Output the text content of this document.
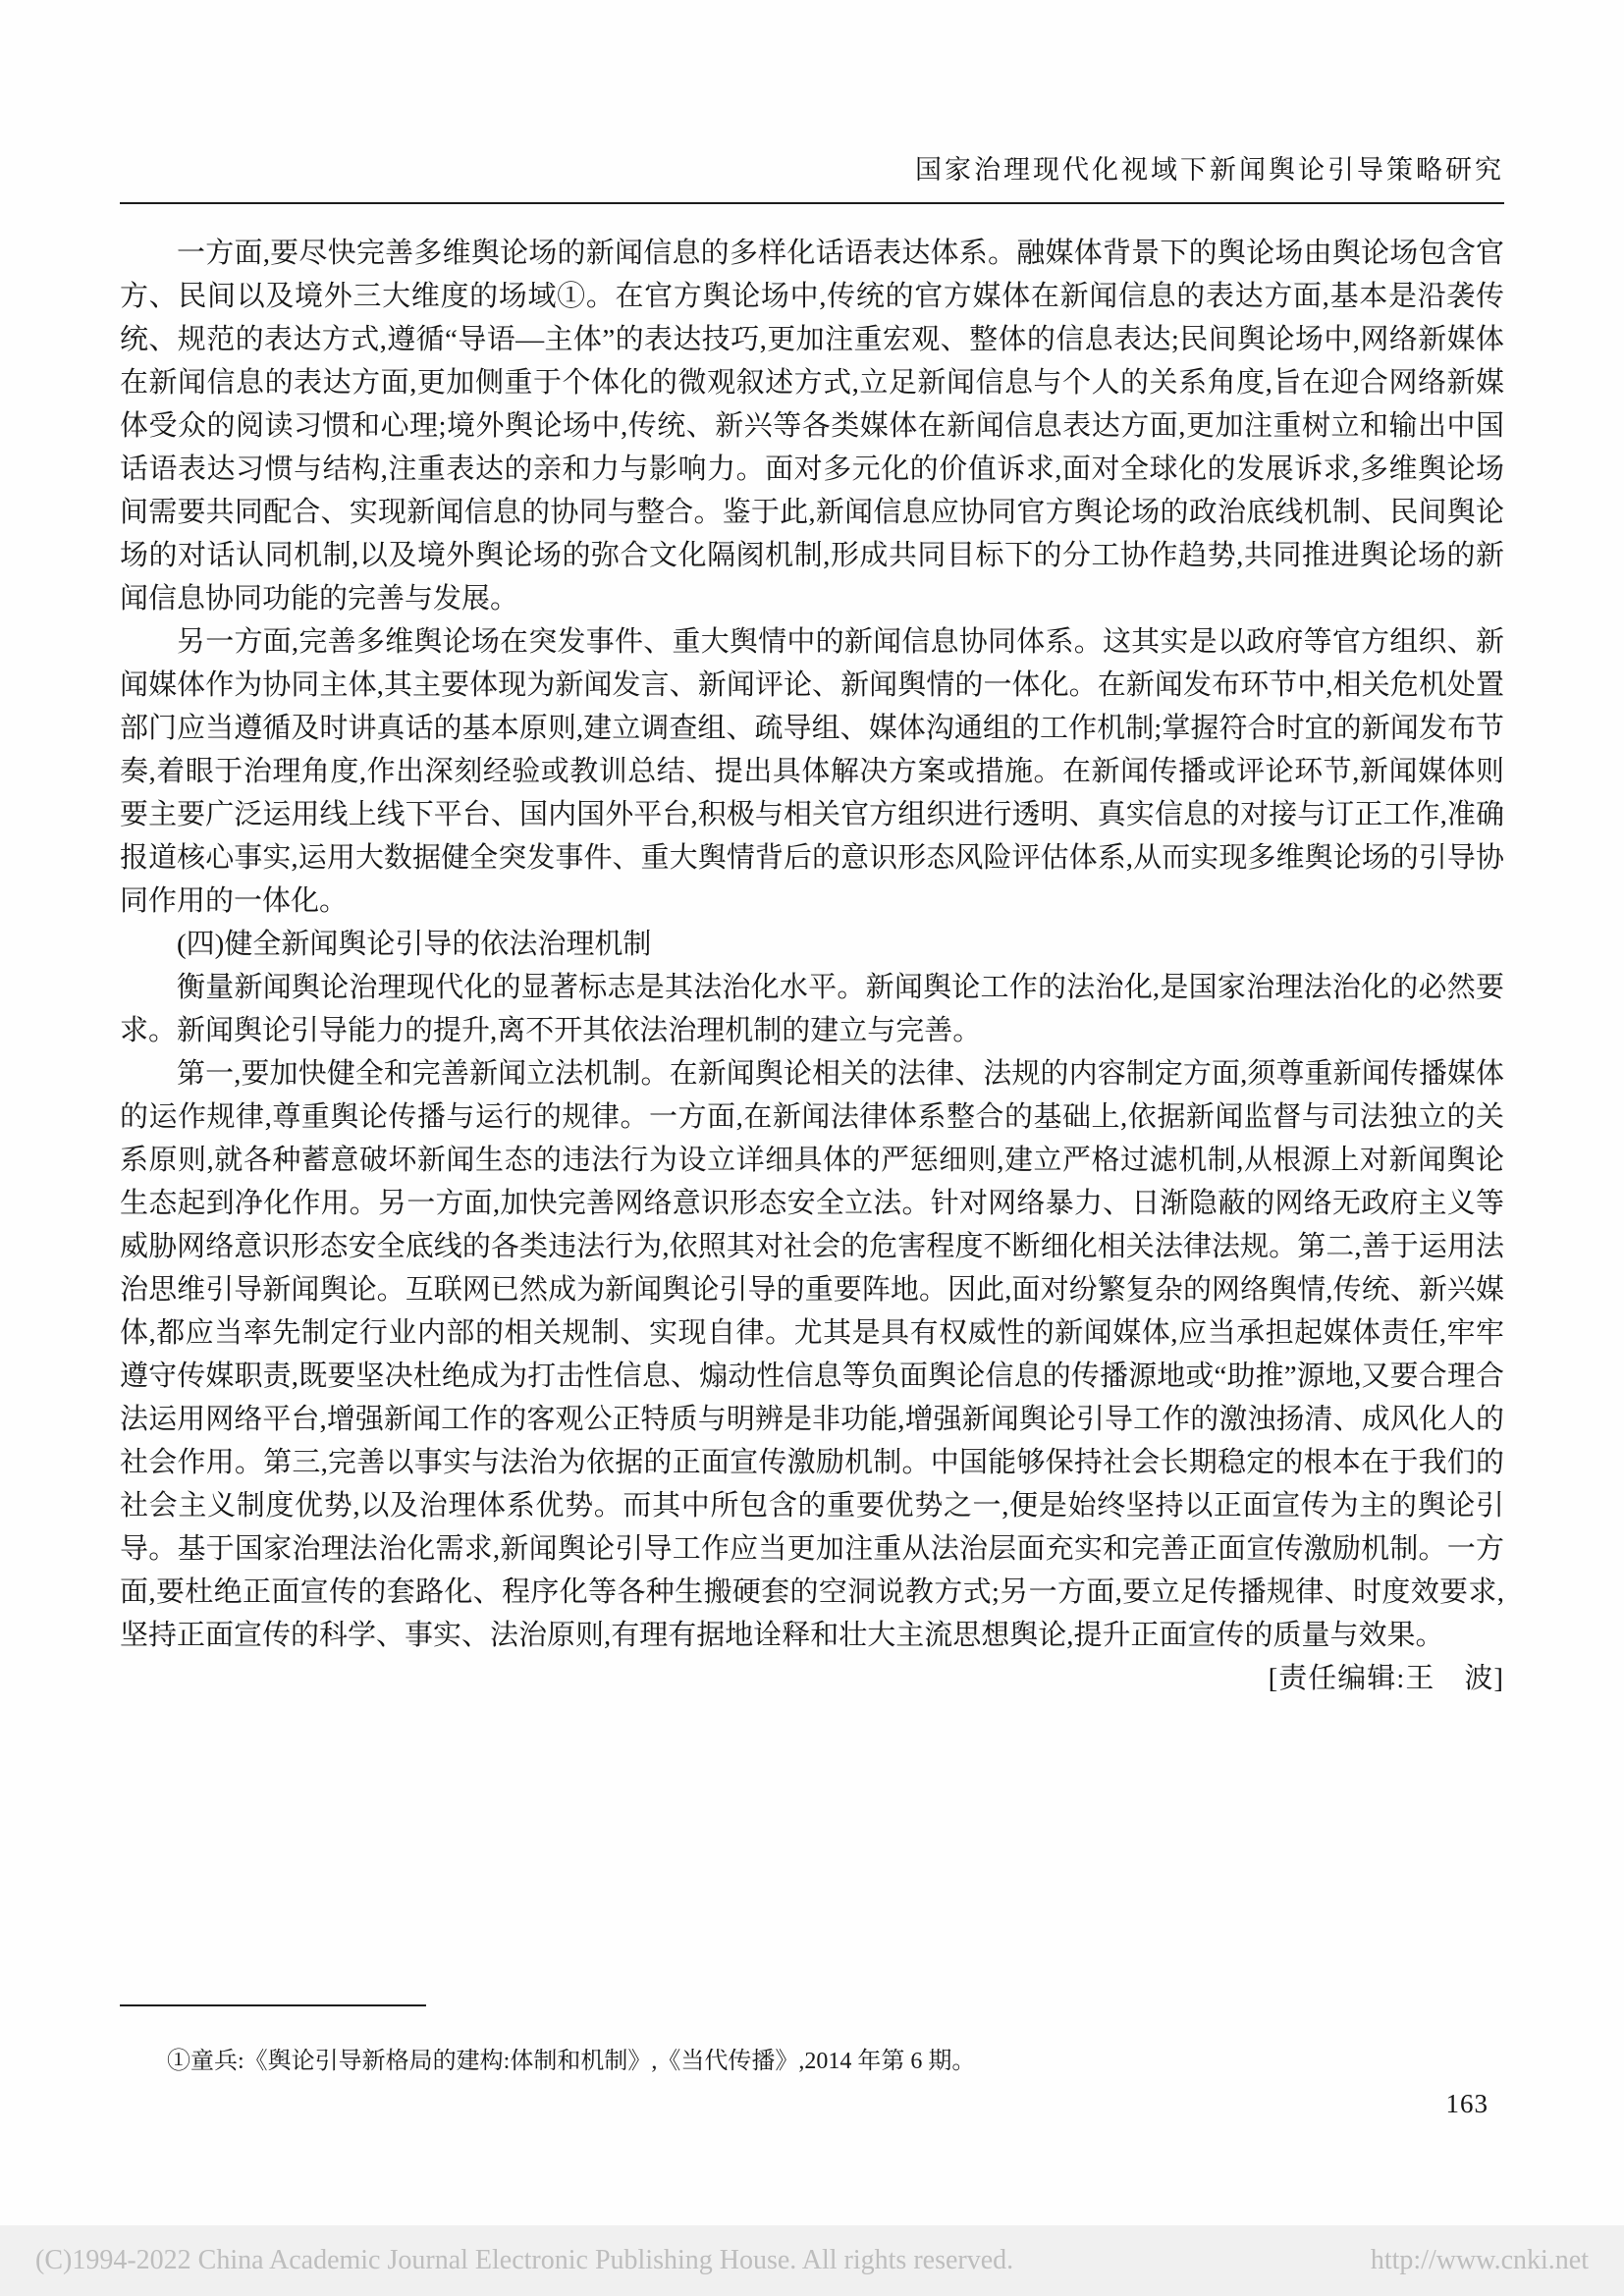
国家治理现代化视域下新闻舆论引导策略研究

一方面,要尽快完善多维舆论场的新闻信息的多样化话语表达体系。融媒体背景下的舆论场由舆论场包含官方、民间以及境外三大维度的场域①。在官方舆论场中,传统的官方媒体在新闻信息的表达方面,基本是沿袭传统、规范的表达方式,遵循“导语—主体”的表达技巧,更加注重宏观、整体的信息表达;民间舆论场中,网络新媒体在新闻信息的表达方面,更加侧重于个体化的微观叙述方式,立足新闻信息与个人的关系角度,旨在迎合网络新媒体受众的阅读习惯和心理;境外舆论场中,传统、新兴等各类媒体在新闻信息表达方面,更加注重树立和输出中国话语表达习惯与结构,注重表达的亲和力与影响力。面对多元化的价值诉求,面对全球化的发展诉求,多维舆论场间需要共同配合、实现新闻信息的协同与整合。鉴于此,新闻信息应协同官方舆论场的政治底线机制、民间舆论场的对话认同机制,以及境外舆论场的弥合文化隔阂机制,形成共同目标下的分工协作趋势,共同推进舆论场的新闻信息协同功能的完善与发展。

另一方面,完善多维舆论场在突发事件、重大舆情中的新闻信息协同体系。这其实是以政府等官方组织、新闻媒体作为协同主体,其主要体现为新闻发言、新闻评论、新闻舆情的一体化。在新闻发布环节中,相关危机处置部门应当遵循及时讲真话的基本原则,建立调查组、疏导组、媒体沟通组的工作机制;掌握符合时宜的新闻发布节奏,着眼于治理角度,作出深刻经验或教训总结、提出具体解决方案或措施。在新闻传播或评论环节,新闻媒体则要主要广泛运用线上线下平台、国内国外平台,积极与相关官方组织进行透明、真实信息的对接与订正工作,准确报道核心事实,运用大数据健全突发事件、重大舆情背后的意识形态风险评估体系,从而实现多维舆论场的引导协同作用的一体化。

(四)健全新闻舆论引导的依法治理机制

衡量新闻舆论治理现代化的显著标志是其法治化水平。新闻舆论工作的法治化,是国家治理法治化的必然要求。新闻舆论引导能力的提升,离不开其依法治理机制的建立与完善。

第一,要加快健全和完善新闻立法机制。在新闻舆论相关的法律、法规的内容制定方面,须尊重新闻传播媒体的运作规律,尊重舆论传播与运行的规律。一方面,在新闻法律体系整合的基础上,依据新闻监督与司法独立的关系原则,就各种蓄意破坏新闻生态的违法行为设立详细具体的严惩细则,建立严格过滤机制,从根源上对新闻舆论生态起到净化作用。另一方面,加快完善网络意识形态安全立法。针对网络暴力、日渐隐蔽的网络无政府主义等威胁网络意识形态安全底线的各类违法行为,依照其对社会的危害程度不断细化相关法律法规。第二,善于运用法治思维引导新闻舆论。互联网已然成为新闻舆论引导的重要阵地。因此,面对纷繁复杂的网络舆情,传统、新兴媒体,都应当率先制定行业内部的相关规制、实现自律。尤其是具有权威性的新闻媒体,应当承担起媒体责任,牢牢遵守传媒职责,既要坚决杜绝成为打击性信息、煽动性信息等负面舆论信息的传播源地或“助推”源地,又要合理合法运用网络平台,增强新闻工作的客观公正特质与明辨是非功能,增强新闻舆论引导工作的激浊扬清、成风化人的社会作用。第三,完善以事实与法治为依据的正面宣传激励机制。中国能够保持社会长期稳定的根本在于我们的社会主义制度优势,以及治理体系优势。而其中所包含的重要优势之一,便是始终坚持以正面宣传为主的舆论引导。基于国家治理法治化需求,新闻舆论引导工作应当更加注重从法治层面充实和完善正面宣传激励机制。一方面,要杜绝正面宣传的套路化、程序化等各种生搬硬套的空洞说教方式;另一方面,要立足传播规律、时度效要求,坚持正面宣传的科学、事实、法治原则,有理有据地诠释和壮大主流思想舆论,提升正面宣传的质量与效果。

[责任编辑:王　波]

①童兵:《舆论引导新格局的建构:体制和机制》,《当代传播》,2014 年第 6 期。
163
(C)1994-2022 China Academic Journal Electronic Publishing House. All rights reserved.	http://www.cnki.net
